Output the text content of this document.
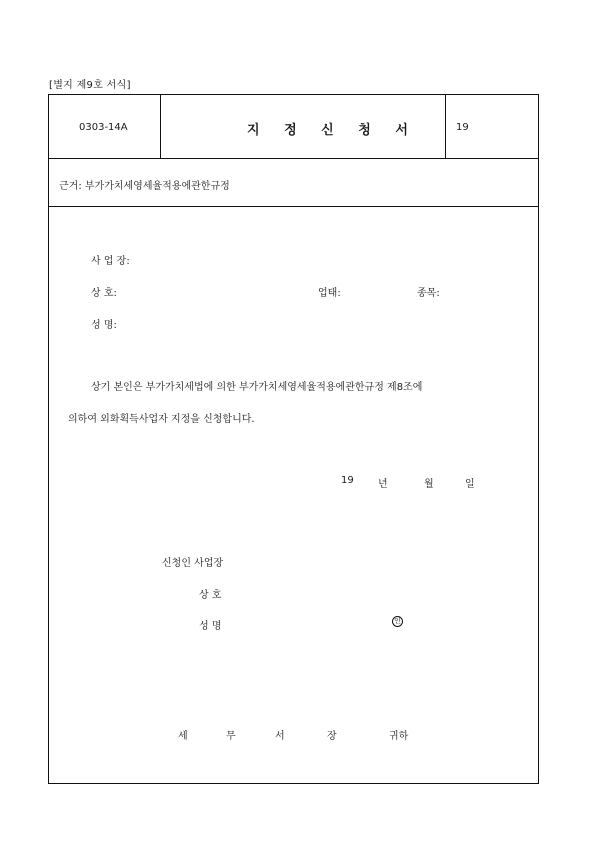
[별지 제9호 서식]
0303-14A	지 정 신 청 서	19
근거: 부가가치세영세율적용에관한규정
사 업 장:
상 호:	업태:	종목:
성 명:
상기 본인은 부가가치세법에 의한 부가가치세영세율적용에관한규정 제8조에
의하여 외화획득사업자 지정을 신청합니다.
19 년	월	일
신청인 사업장
상 호
성 명	인
세	무	서	장	귀하
